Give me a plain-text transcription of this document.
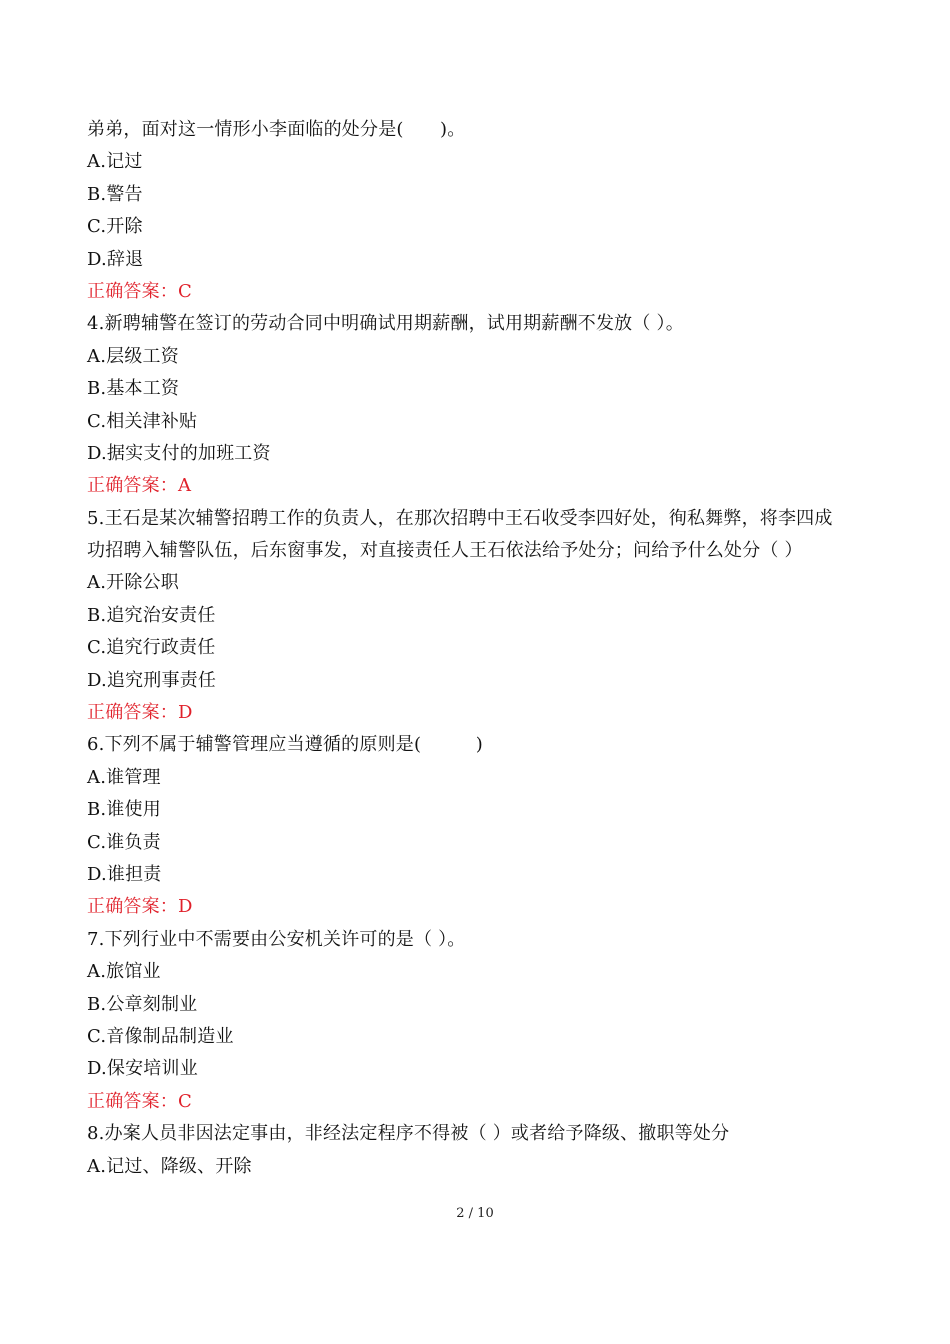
弟弟，面对这一情形小李面临的处分是(　　)。
A.记过
B.警告
C.开除
D.辞退
正确答案：C
4.新聘辅警在签订的劳动合同中明确试用期薪酬，试用期薪酬不发放（ ）。
A.层级工资
B.基本工资
C.相关津补贴
D.据实支付的加班工资
正确答案：A
5.王石是某次辅警招聘工作的负责人，在那次招聘中王石收受李四好处，徇私舞弊，将李四成
功招聘入辅警队伍，后东窗事发，对直接责任人王石依法给予处分；问给予什么处分（ ）
A.开除公职
B.追究治安责任
C.追究行政责任
D.追究刑事责任
正确答案：D
6.下列不属于辅警管理应当遵循的原则是(　　　)
A.谁管理
B.谁使用
C.谁负责
D.谁担责
正确答案：D
7.下列行业中不需要由公安机关许可的是（ ）。
A.旅馆业
B.公章刻制业
C.音像制品制造业
D.保安培训业
正确答案：C
8.办案人员非因法定事由，非经法定程序不得被（ ）或者给予降级、撤职等处分
A.记过、降级、开除
2 / 10
